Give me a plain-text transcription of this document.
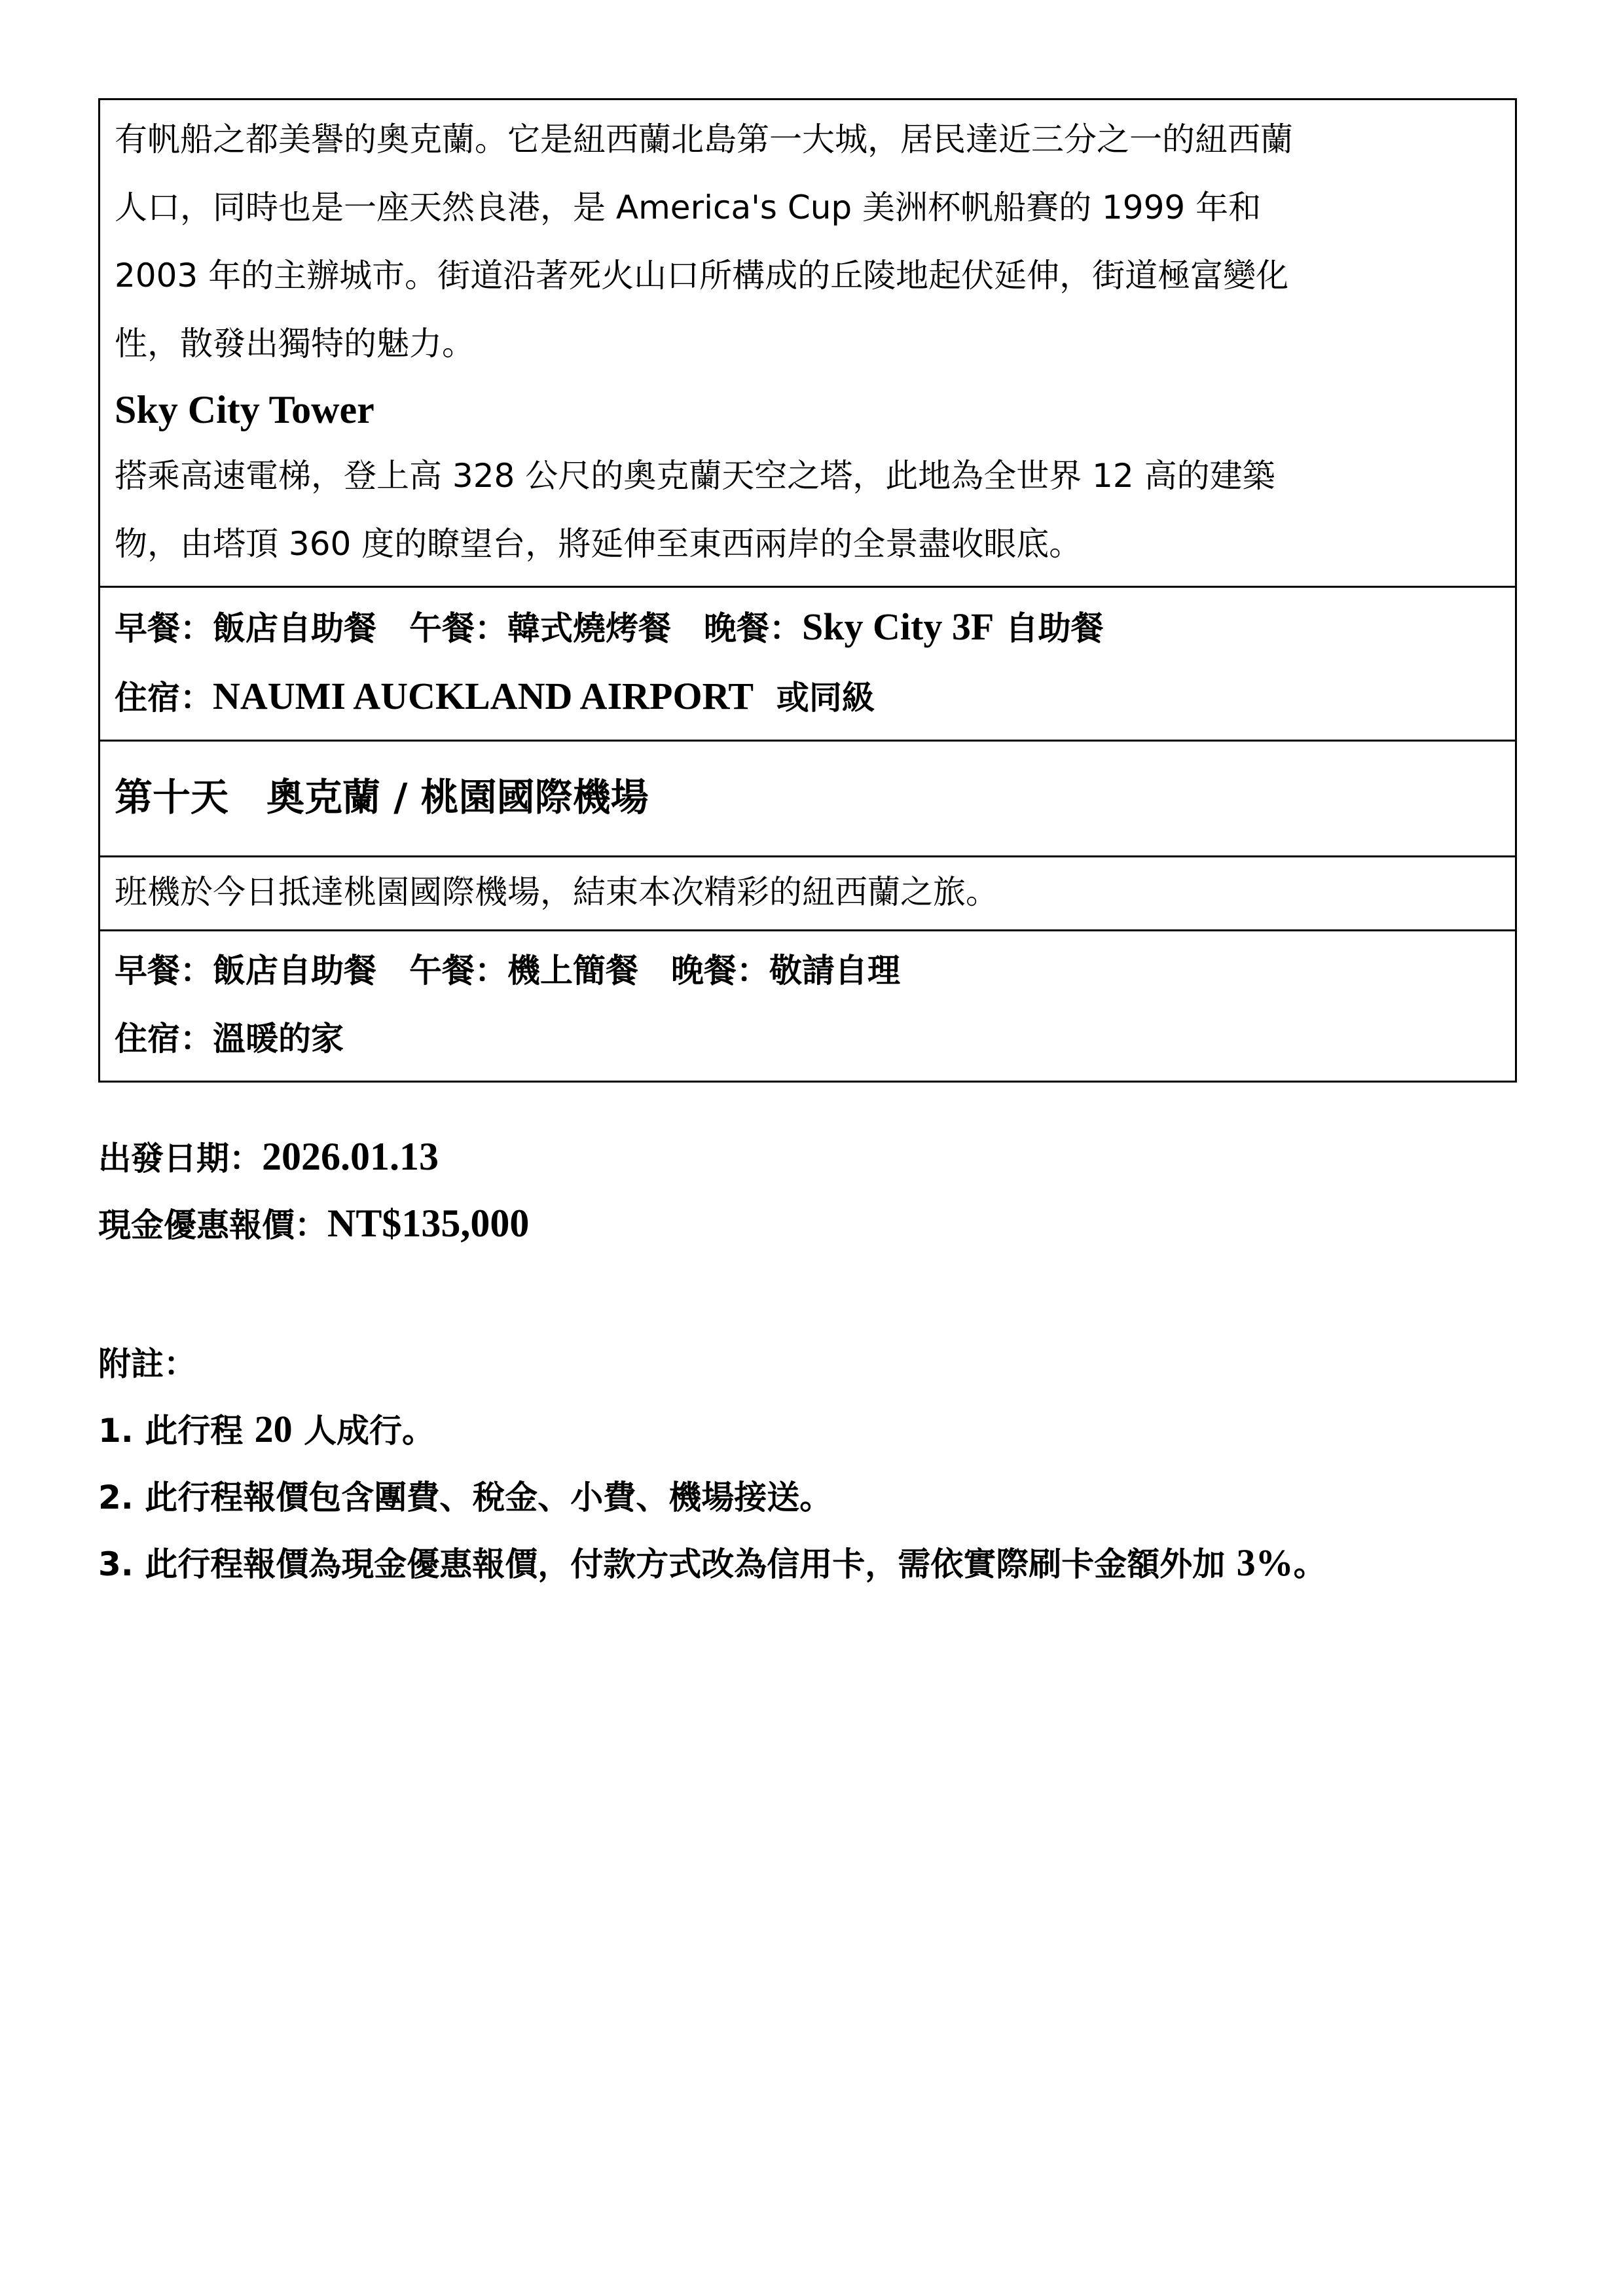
有帆船之都美譽的奧克蘭。它是紐西蘭北島第一大城，居民達近三分之一的紐西蘭

人口，同時也是一座天然良港，是 America's Cup 美洲杯帆船賽的 1999 年和

2003 年的主辦城市。街道沿著死火山口所構成的丘陵地起伏延伸，街道極富變化

性，散發出獨特的魅力。

Sky City Tower

搭乘高速電梯，登上高 328 公尺的奧克蘭天空之塔，此地為全世界 12 高的建築

物，由塔頂 360 度的瞭望台，將延伸至東西兩岸的全景盡收眼底。

早餐：飯店自助餐　午餐：韓式燒烤餐　晚餐：Sky City 3F 自助餐

住宿：NAUMI AUCKLAND AIRPORT  或同級

第十天　奧克蘭 / 桃園國際機場

班機於今日抵達桃園國際機場，結束本次精彩的紐西蘭之旅。

早餐：飯店自助餐　午餐：機上簡餐　晚餐：敬請自理

住宿：溫暖的家

出發日期：2026.01.13

現金優惠報價：NT$135,000

附註：

1. 此行程 20 人成行。

2. 此行程報價包含團費、稅金、小費、機場接送。

3. 此行程報價為現金優惠報價，付款方式改為信用卡，需依實際刷卡金額外加 3%。
